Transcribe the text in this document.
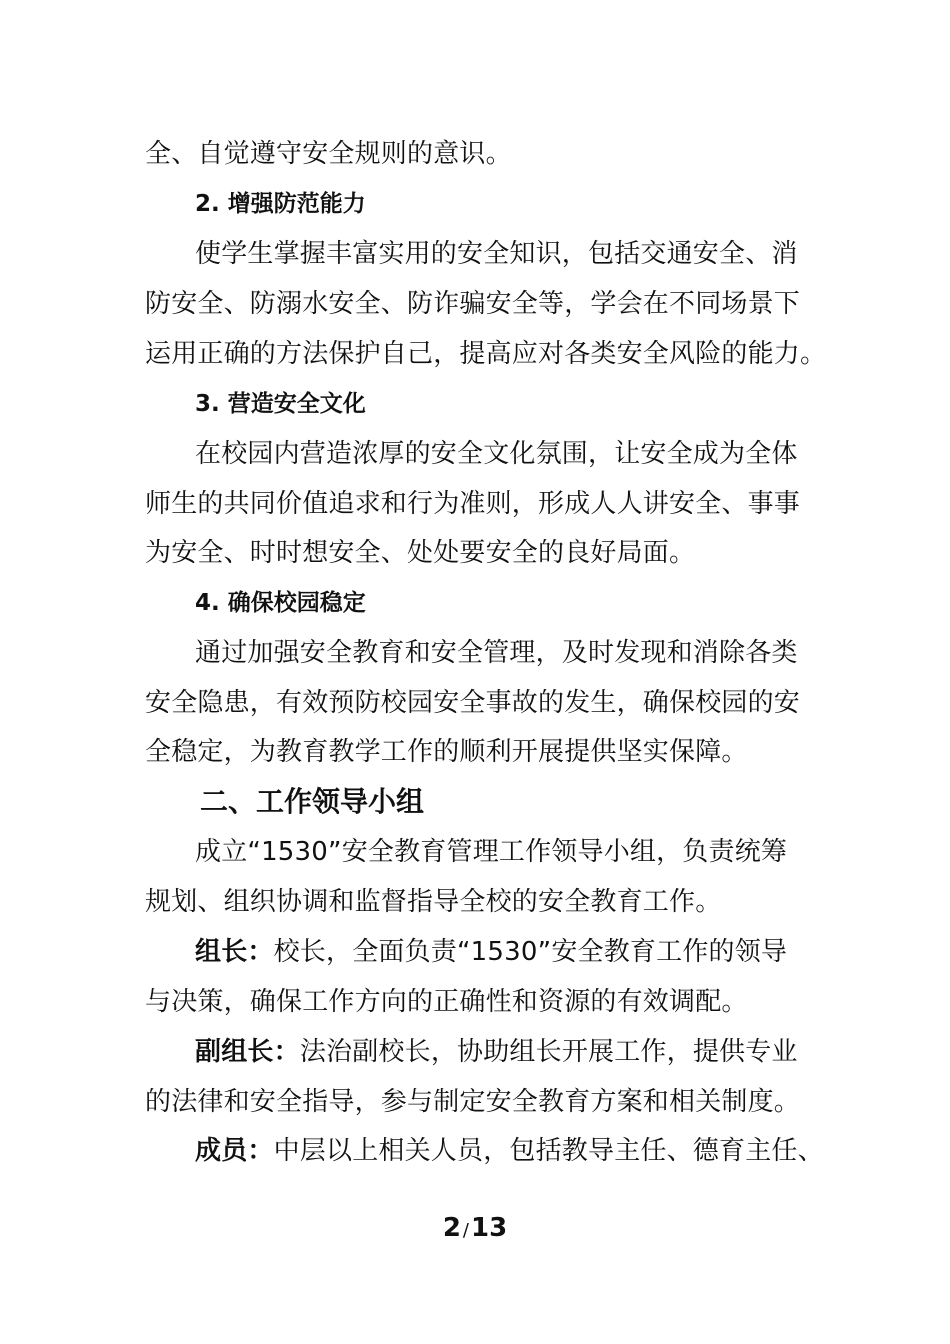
全、自觉遵守安全规则的意识。
2. 增强防范能力
使学生掌握丰富实用的安全知识，包括交通安全、消
防安全、防溺水安全、防诈骗安全等，学会在不同场景下
运用正确的方法保护自己，提高应对各类安全风险的能力。
3. 营造安全文化
在校园内营造浓厚的安全文化氛围，让安全成为全体
师生的共同价值追求和行为准则，形成人人讲安全、事事
为安全、时时想安全、处处要安全的良好局面。
4. 确保校园稳定
通过加强安全教育和安全管理，及时发现和消除各类
安全隐患，有效预防校园安全事故的发生，确保校园的安
全稳定，为教育教学工作的顺利开展提供坚实保障。
二、工作领导小组
成立“1530”安全教育管理工作领导小组，负责统筹
规划、组织协调和监督指导全校的安全教育工作。
组长：校长，全面负责“1530”安全教育工作的领导
与决策，确保工作方向的正确性和资源的有效调配。
副组长：法治副校长，协助组长开展工作，提供专业
的法律和安全指导，参与制定安全教育方案和相关制度。
成员：中层以上相关人员，包括教导主任、德育主任、
2 /13
